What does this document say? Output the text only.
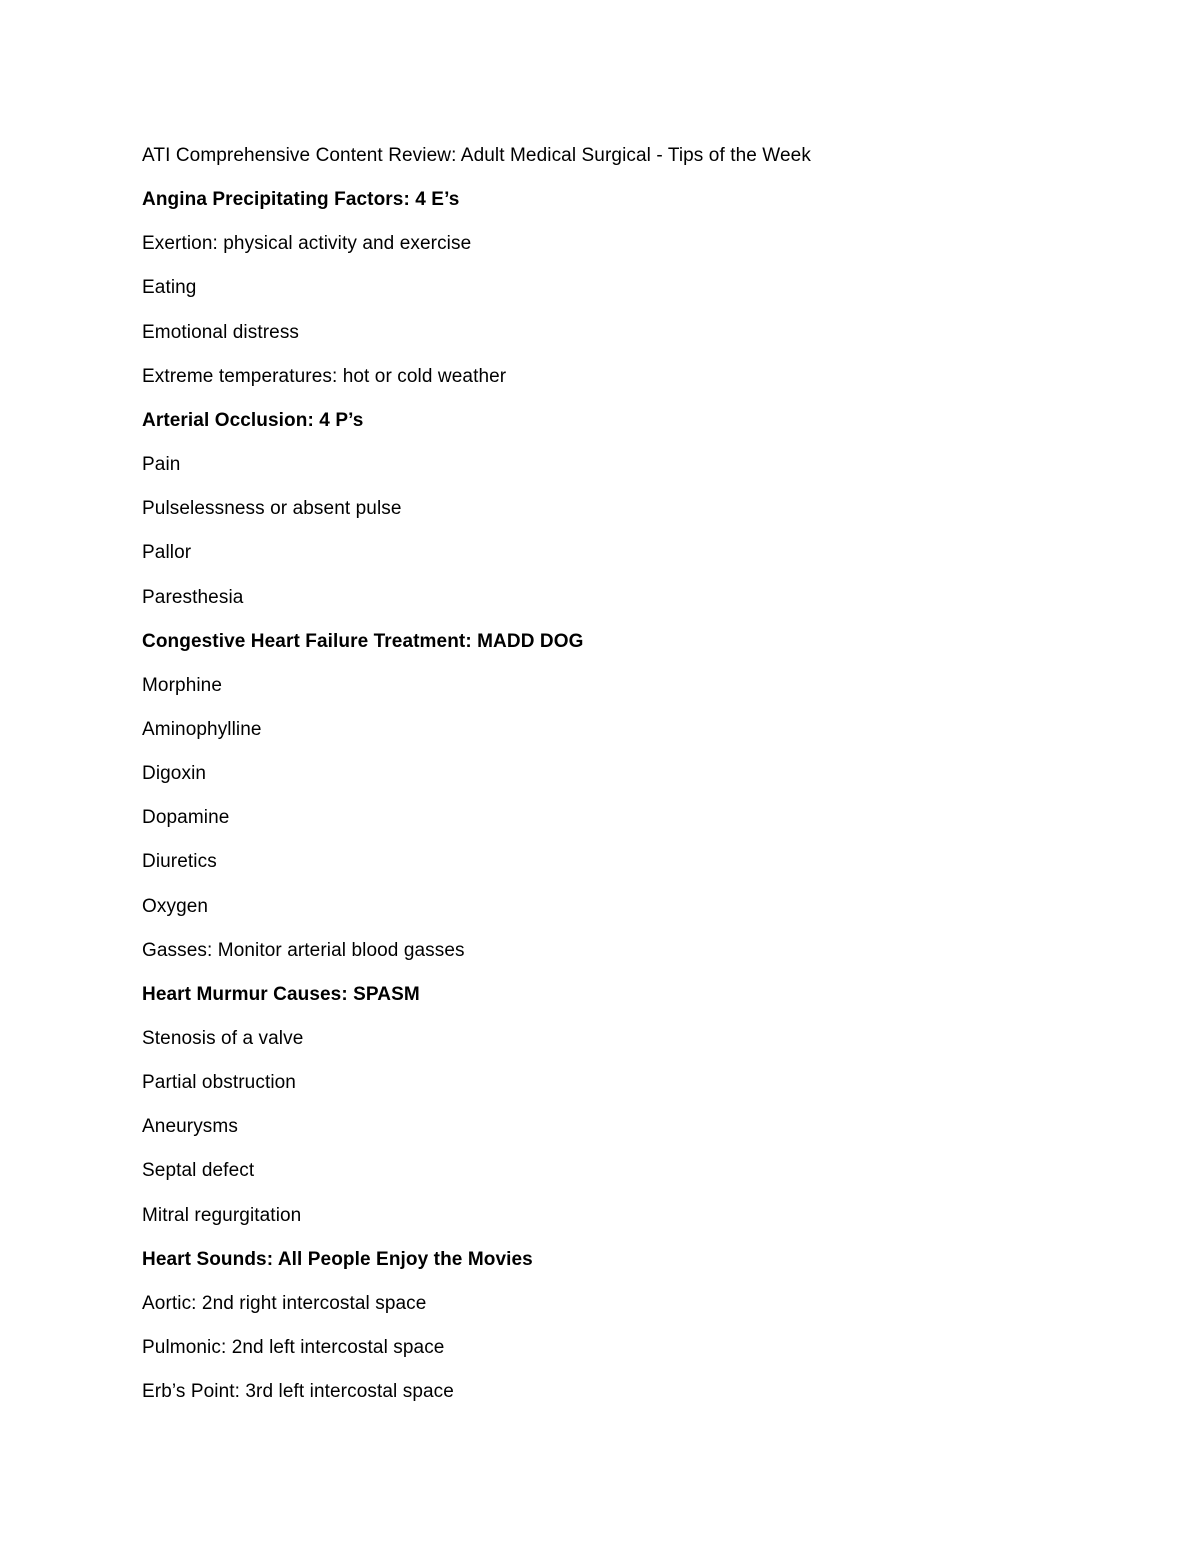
ATI Comprehensive Content Review: Adult Medical Surgical - Tips of the Week
Angina Precipitating Factors: 4 E’s
Exertion: physical activity and exercise
Eating
Emotional distress
Extreme temperatures: hot or cold weather
Arterial Occlusion: 4 P’s
Pain
Pulselessness or absent pulse
Pallor
Paresthesia
Congestive Heart Failure Treatment: MADD DOG
Morphine
Aminophylline
Digoxin
Dopamine
Diuretics
Oxygen
Gasses: Monitor arterial blood gasses
Heart Murmur Causes: SPASM
Stenosis of a valve
Partial obstruction
Aneurysms
Septal defect
Mitral regurgitation
Heart Sounds: All People Enjoy the Movies
Aortic: 2nd right intercostal space
Pulmonic: 2nd left intercostal space
Erb’s Point: 3rd left intercostal space
